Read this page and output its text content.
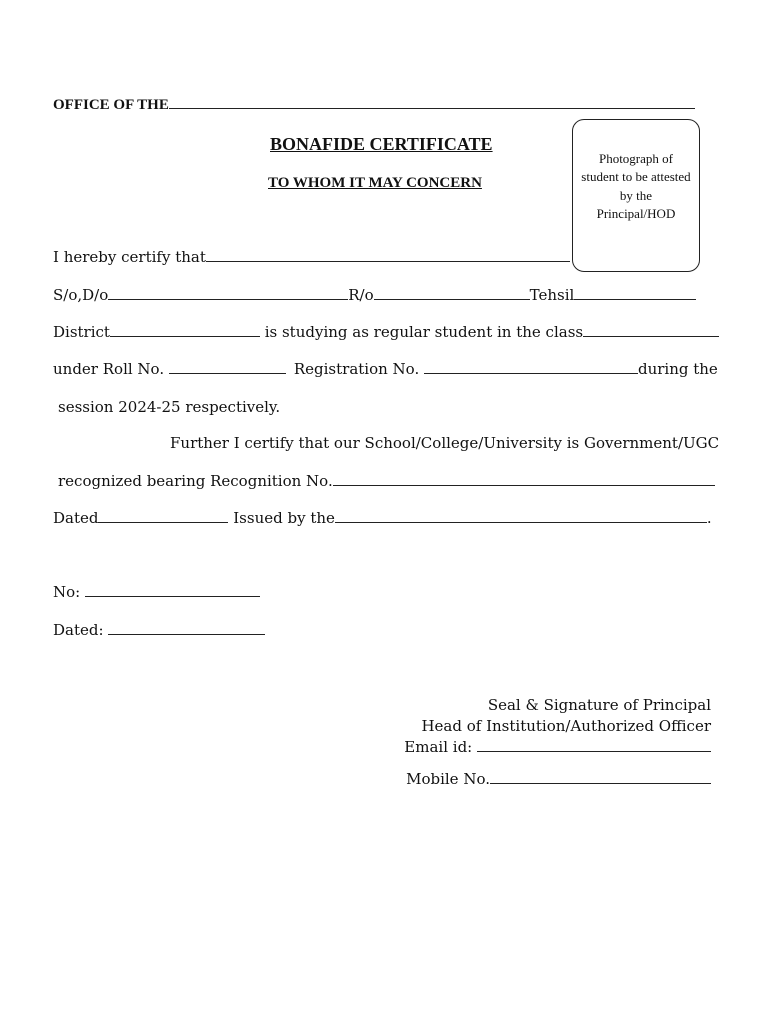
OFFICE OF THE
BONAFIDE CERTIFICATE
TO WHOM IT MAY CONCERN
Photograph of
student to be attested
by the
Principal/HOD
I hereby certify that
S/o,D/o	R/o	Tehsil
District	is studying as regular student in the class
under Roll No.	Registration No.	during the
session 2024-25 respectively.
Further I certify that our School/College/University is Government/UGC
recognized bearing Recognition No.
Dated	Issued by the	.
No:
Dated:
Seal & Signature of Principal
Head of Institution/Authorized Officer
Email id:
Mobile No.
